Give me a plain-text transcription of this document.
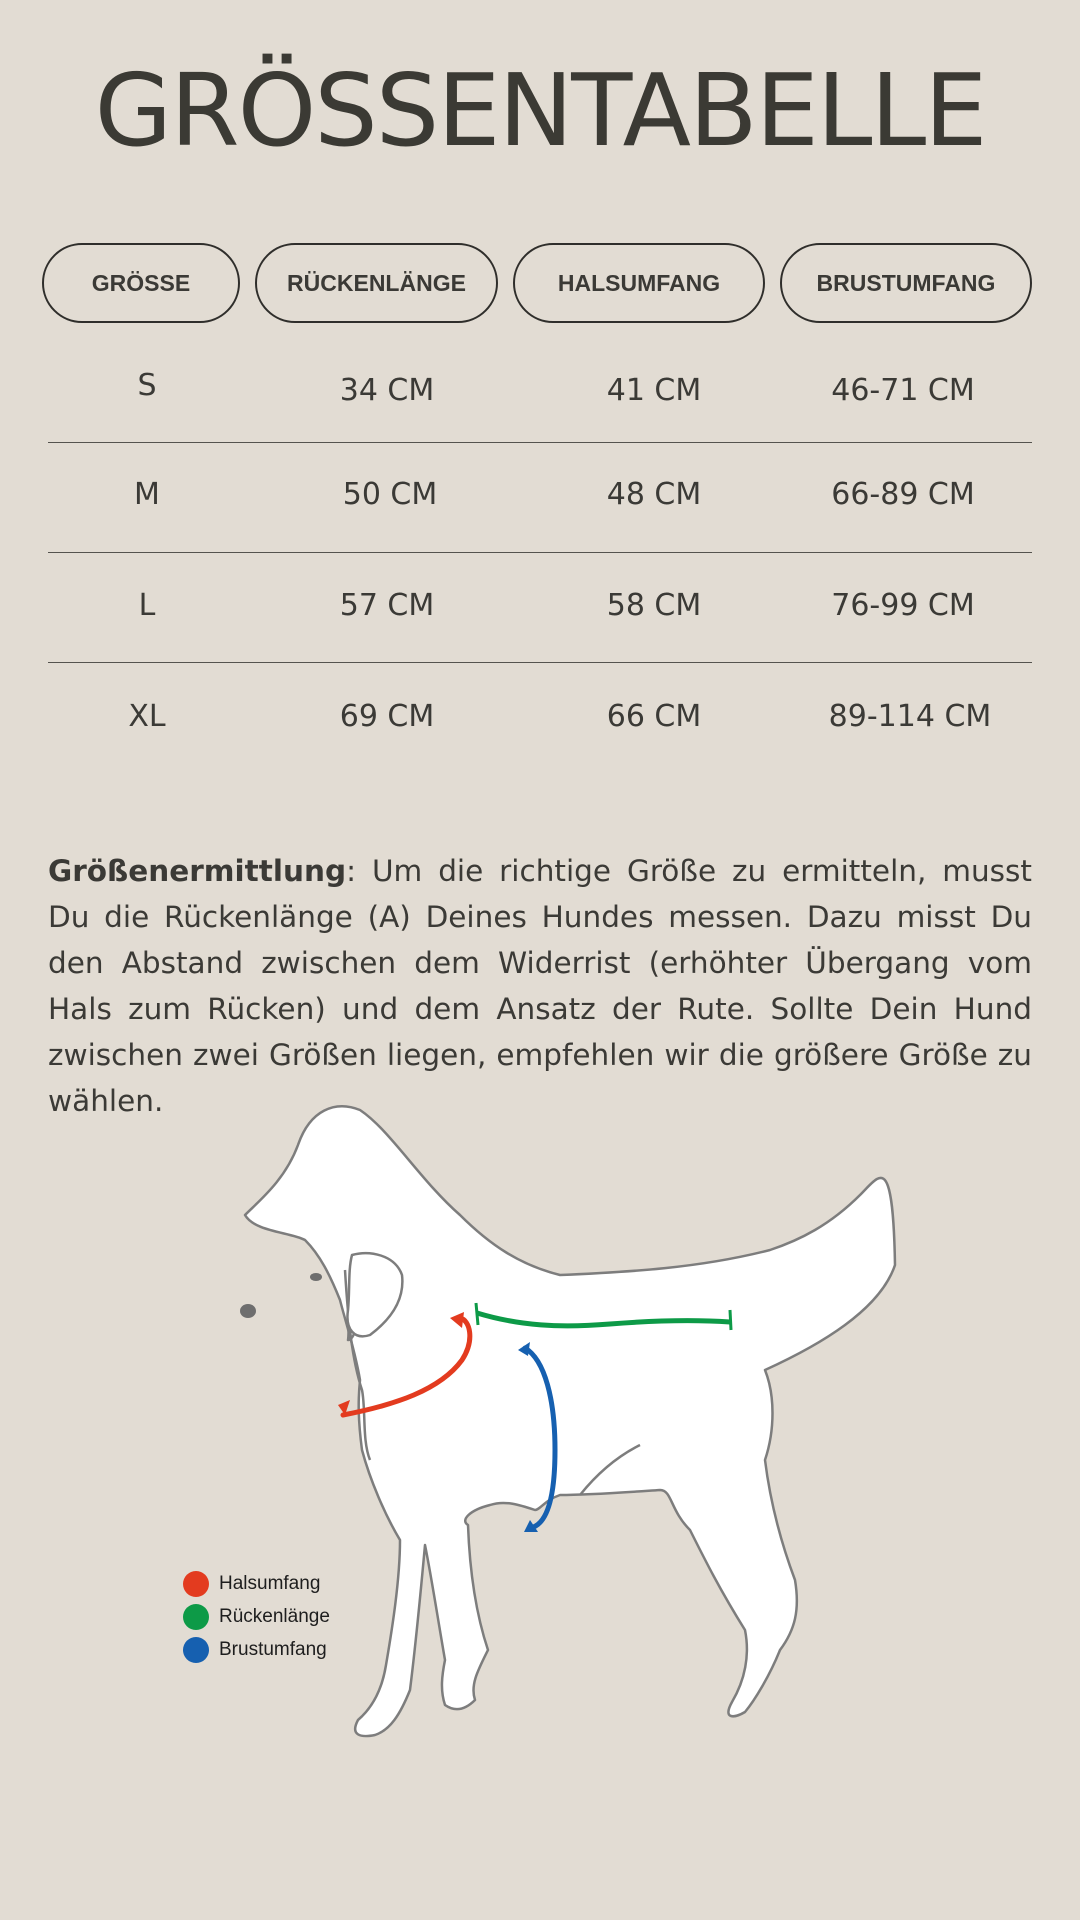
GRÖSSENTABELLE
GRÖSSE	RÜCKENLÄNGE	HALSUMFANG	BRUSTUMFANG
S	34 CM	41 CM	46-71 CM
M	50 CM	48 CM	66-89 CM
L	57 CM	58 CM	76-99 CM
XL	69 CM	66 CM	89-114 CM

Größenermittlung: Um die richtige Größe zu ermitteln, musst Du die Rückenlänge (A) Deines Hundes messen. Dazu misst Du den Abstand zwischen dem Widerrist (erhöhter Übergang vom Hals zum Rücken) und dem Ansatz der Rute. Sollte Dein Hund zwischen zwei Größen liegen, empfehlen wir die größere Größe zu wählen.

Halsumfang
Rückenlänge
Brustumfang
